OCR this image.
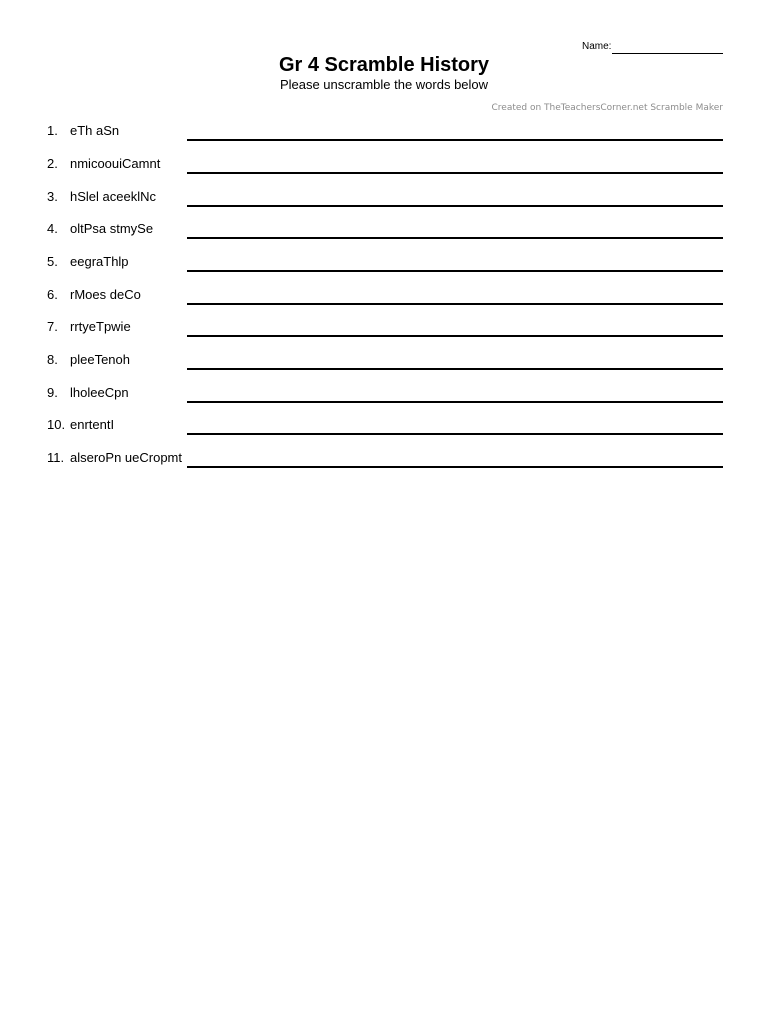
Name:
Gr 4 Scramble History
Please unscramble the words below
Created on TheTeachersCorner.net Scramble Maker
1. eTh aSn
2. nmicoouiCamnt
3. hSlel aceeklNc
4. oltPsa stmySe
5. eegraThlp
6. rMoes deCo
7. rrtyeTpwie
8. pleeTenoh
9. lholeeCpn
10. enrtentI
11. alseroPn ueCropmt
